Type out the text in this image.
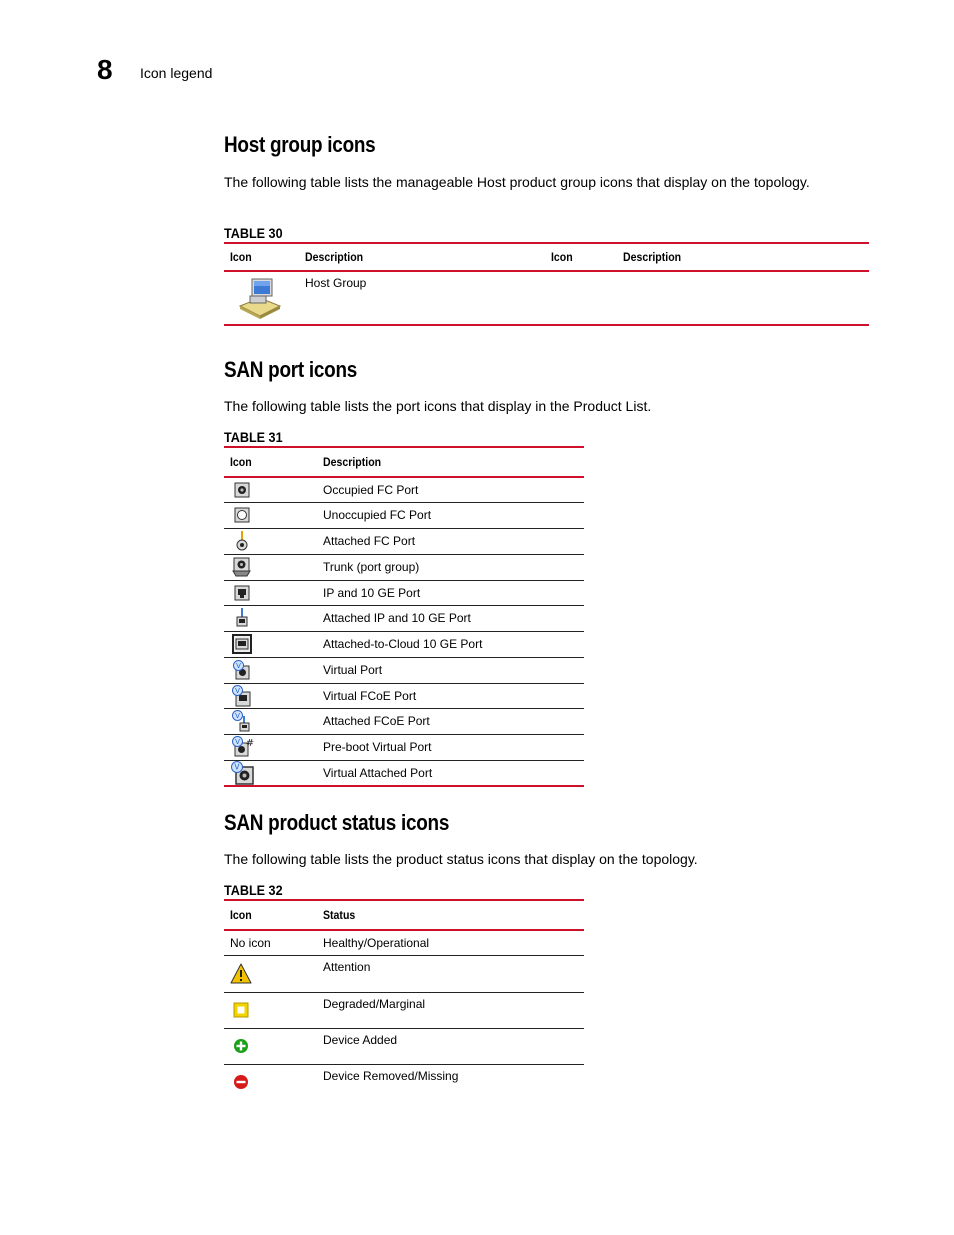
8 Icon legend
Host group icons

The following table lists the manageable Host product group icons that display on the topology.

TABLE 30
Icon	Description	Icon	Description

	Host Group		
SAN port icons

The following table lists the port icons that display in the Product List.

TABLE 31
Icon	Description

	Occupied FC Port

	Unoccupied FC Port

	Attached FC Port

	Trunk (port group)

	IP and 10 GE Port

	Attached IP and 10 GE Port

	Attached-to-Cloud 10 GE Port

V	Virtual Port

V	Virtual FCoE Port

V	Attached FCoE Port

V #	Pre-boot Virtual Port

V	Virtual Attached Port
SAN product status icons

The following table lists the product status icons that display on the topology.

TABLE 32
Icon	Status
No icon	Healthy/Operational

	Attention

	Degraded/Marginal

	Device Added

	Device Removed/Missing
